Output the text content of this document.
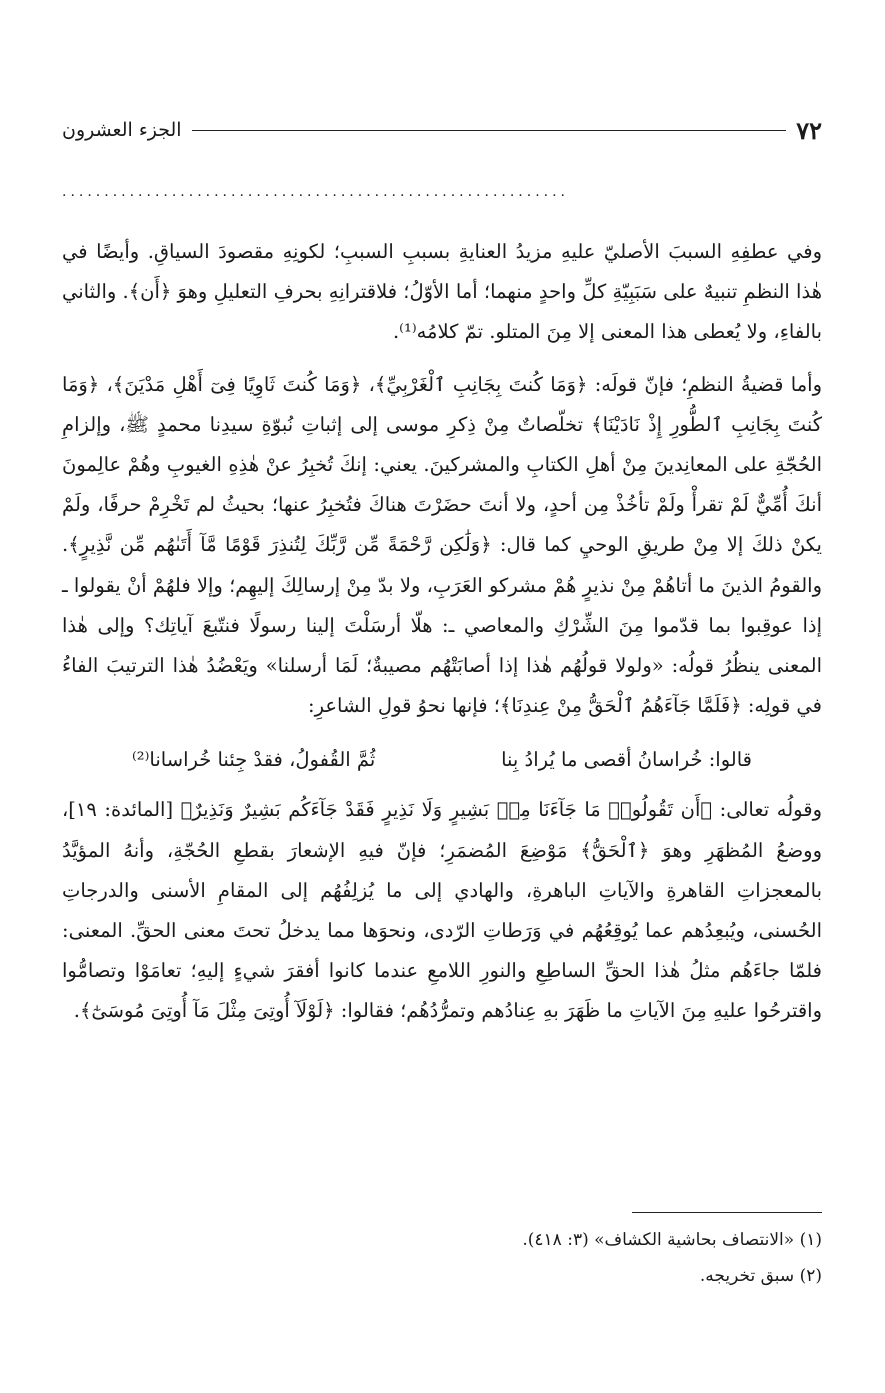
٧٢
الجزء العشرون
............................................................

وفي عطفِهِ السببَ الأصليّ عليهِ مزيدُ العنايةِ بسببِ السببِ؛ لكونِهِ مقصودَ السياقِ. وأيضًا في هٰذا النظمِ تنبيهٌ على سَبَبِيّةِ كلِّ واحدٍ منهما؛ أما الأوّلُ؛ فلاقترانِهِ بحرفِ التعليلِ وهوَ ﴿أَن﴾. والثاني بالفاءِ، ولا يُعطى هذا المعنى إلا مِنَ المتلو. تمّ كلامُه⁽¹⁾.

وأما قضيةُ النظمِ؛ فإنّ قولَه: ﴿وَمَا كُنتَ بِجَانِبِ ٱلْغَرْبِيِّ﴾، ﴿وَمَا كُنتَ ثَاوِيًا فِىٓ أَهْلِ مَدْيَنَ﴾، ﴿وَمَا كُنتَ بِجَانِبِ ٱلطُّورِ إِذْ نَادَيْنَا﴾ تخلّصاتٌ مِنْ ذِكرِ موسى إلى إثباتِ نُبوّةِ سيدِنا محمدٍ ﷺ، وإلزامِ الحُجّةِ على المعانِدينَ مِنْ أهلِ الكتابِ والمشركينَ. يعني: إنكَ تُخبِرُ عنْ هٰذِهِ الغيوبِ وهُمْ عالِمونَ أنكَ أُمِّيٌّ لَمْ تقرأْ ولَمْ تأخُذْ مِن أحدٍ، ولا أنتَ حضَرْتَ هناكَ فتُخبِرُ عنها؛ بحيثُ لم تَخْرِمْ حرفًا، ولَمْ يكنْ ذلكَ إلا مِنْ طريقِ الوحيِ كما قال: ﴿وَلَٰكِن رَّحْمَةً مِّن رَّبِّكَ لِتُنذِرَ قَوْمًا مَّآ أَتَىٰهُم مِّن نَّذِيرٍ﴾. والقومُ الذينَ ما أتاهُمْ مِنْ نذيرٍ هُمْ مشركو العَرَبِ، ولا بدّ مِنْ إرسالِكَ إليهِم؛ وإلا فلهُمْ أنْ يقولوا ـ إذا عوقِبوا بما قدّموا مِنَ الشِّرْكِ والمعاصي ـ: هلّا أرسَلْتَ إلينا رسولًا فنتّبعَ آياتِك؟ وإلى هٰذا المعنى ينظُرُ قولُه: «ولولا قولُهُم هٰذا إذا أصابَتْهُم مصيبةٌ؛ لَمَا أرسلنا» ويَعْضُدُ هٰذا الترتيبَ الفاءُ في قولِه: ﴿فَلَمَّا جَآءَهُمُ ٱلْحَقُّ مِنْ عِندِنَا﴾؛ فإنها نحوُ قولِ الشاعرِ:

قالوا: خُراسانُ أقصى ما يُرادُ بِنا
ثُمَّ القُفولُ، فقدْ جِئنا خُراسانا⁽²⁾

وقولُه تعالى: ﴿أَن تَقُولُوا۟ مَا جَآءَنَا مِنۢ بَشِيرٍ وَلَا نَذِيرٍ فَقَدْ جَآءَكُم بَشِيرٌ وَنَذِيرٌ﴾ [المائدة: ١٩]، ووضعُ المُظهَرِ وهوَ ﴿ٱلْحَقُّ﴾ مَوْضِعَ المُضمَرِ؛ فإنّ فيهِ الإشعارَ بقطعِ الحُجّةِ، وأنهُ المؤيَّدُ بالمعجزاتِ القاهرةِ والآياتِ الباهرةِ، والهادي إلى ما يُزلِفُهُم إلى المقامِ الأسنى والدرجاتِ الحُسنى، ويُبعِدُهم عما يُوقِعُهُم في وَرَطاتِ الرّدى، ونحوَها مما يدخلُ تحتَ معنى الحقِّ. المعنى: فلمّا جاءَهُم مثلُ هٰذا الحقِّ الساطِعِ والنورِ اللامعِ عندما كانوا أفقرَ شيءٍ إليهِ؛ تعامَوْا وتصامُّوا واقترحُوا عليهِ مِنَ الآياتِ ما ظَهَرَ بهِ عِنادُهم وتمرُّدُهُم؛ فقالوا: ﴿لَوْلَآ أُوتِىَ مِثْلَ مَآ أُوتِىَ مُوسَىٰٓ﴾.

(١) «الانتصاف بحاشية الكشاف» (٣: ٤١٨).
(٢) سبق تخريجه.
